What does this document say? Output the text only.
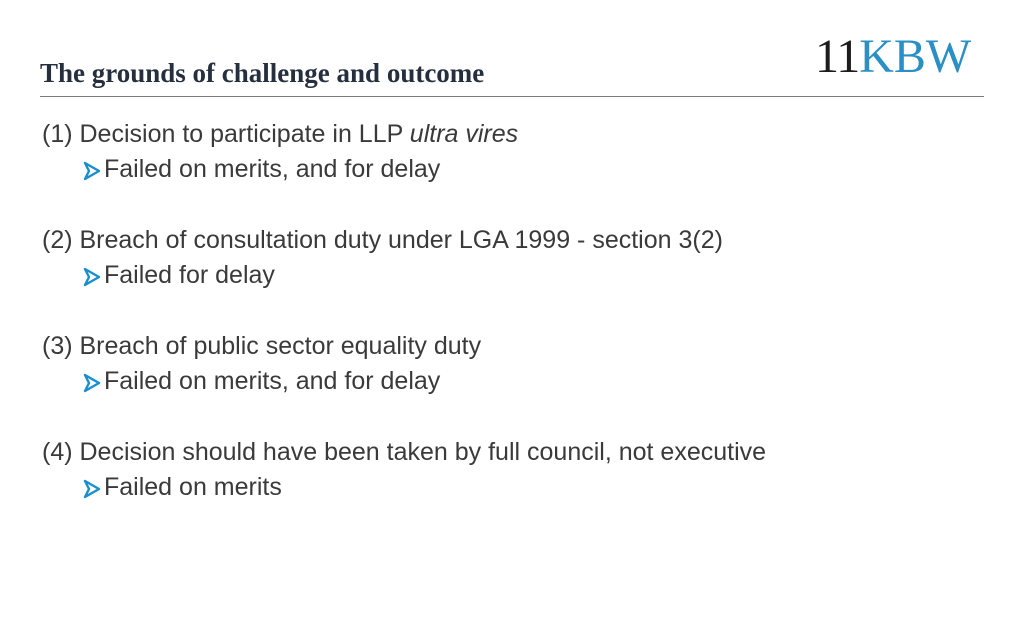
The grounds of challenge and outcome	11KBW
(1) Decision to participate in LLP ultra vires
Failed on merits, and for delay
(2) Breach of consultation duty under LGA 1999 - section 3(2)
Failed for delay
(3) Breach of public sector equality duty
Failed on merits, and for delay
(4) Decision should have been taken by full council, not executive
Failed on merits
